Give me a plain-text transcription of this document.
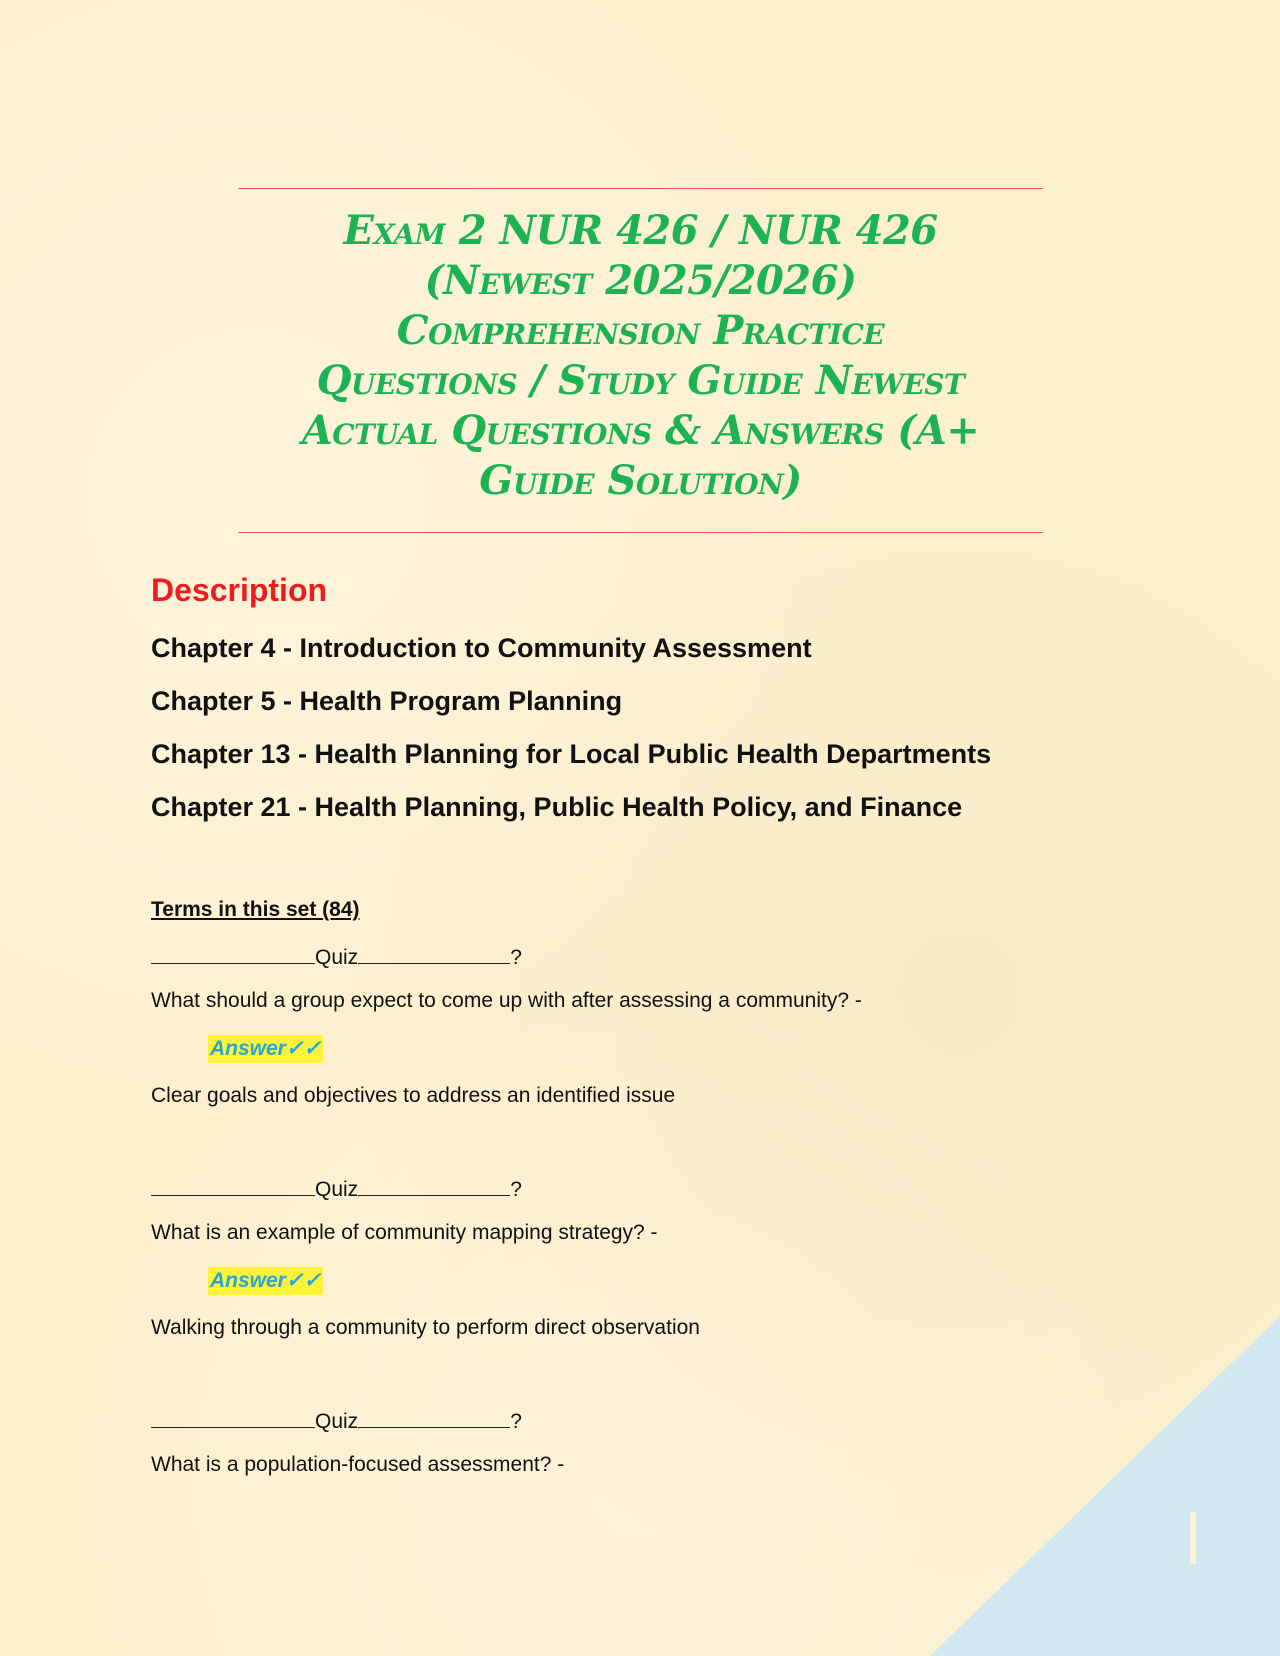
Exam 2 NUR 426 / NUR 426
(Newest 2025/2026)
Comprehension Practice
Questions / Study Guide Newest
Actual Questions & Answers (A+
Guide Solution)
Description
Chapter 4 - Introduction to Community Assessment
Chapter 5 - Health Program Planning
Chapter 13 - Health Planning for Local Public Health Departments
Chapter 21 - Health Planning, Public Health Policy, and Finance
Terms in this set (84)
Quiz	?
What should a group expect to come up with after assessing a community? -
Answer✓✓
Clear goals and objectives to address an identified issue
Quiz	?
What is an example of community mapping strategy? -
Answer✓✓
Walking through a community to perform direct observation
Quiz	?
What is a population-focused assessment? -
